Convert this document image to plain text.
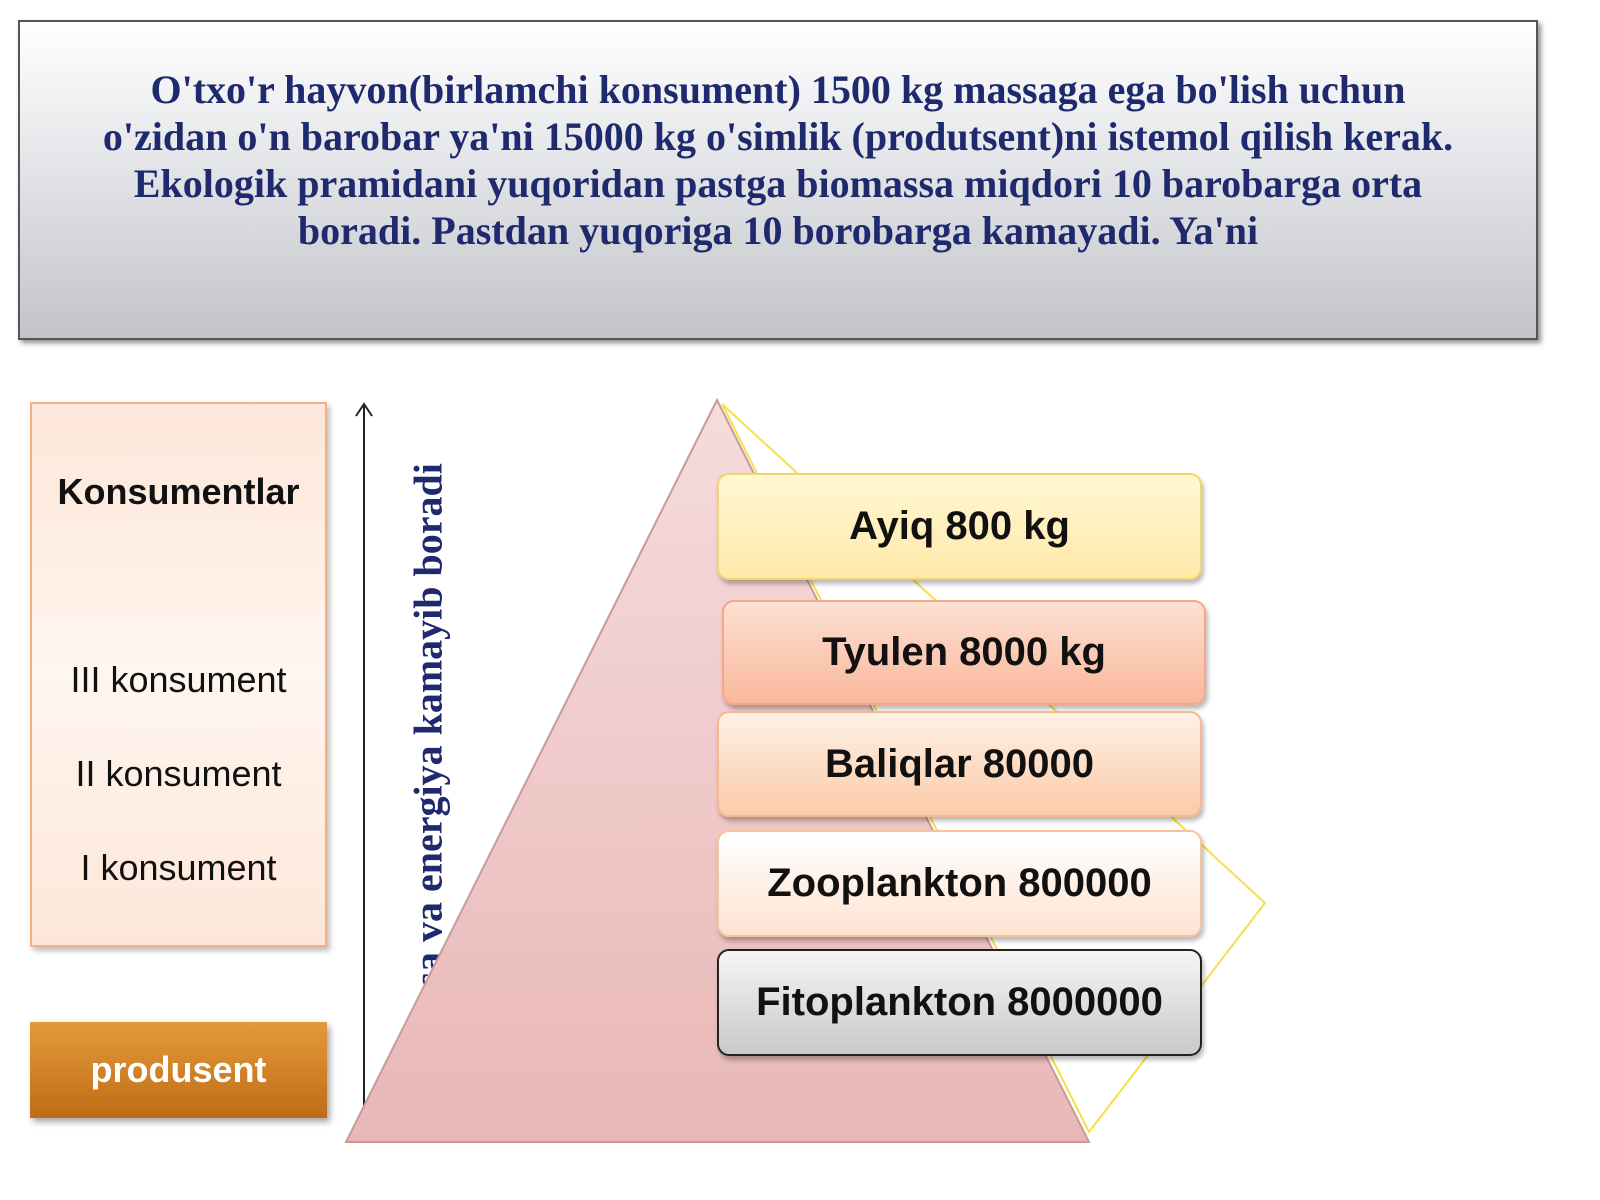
O'txo'r hayvon(birlamchi konsument) 1500 kg massaga ega bo'lish uchun
o'zidan o'n barobar ya'ni 15000 kg o'simlik (produtsent)ni istemol qilish kerak.
Ekologik pramidani yuqoridan pastga biomassa miqdori 10 barobarga orta
boradi. Pastdan yuqoriga 10 borobarga kamayadi. Ya'ni
Konsumentlar
III konsument
II konsument
I konsument
produsent
Massa va energiya kamayib boradi	Ayiq 800 kg
Tyulen 8000 kg
Baliqlar 80000
Zooplankton 800000
Fitoplankton 8000000
